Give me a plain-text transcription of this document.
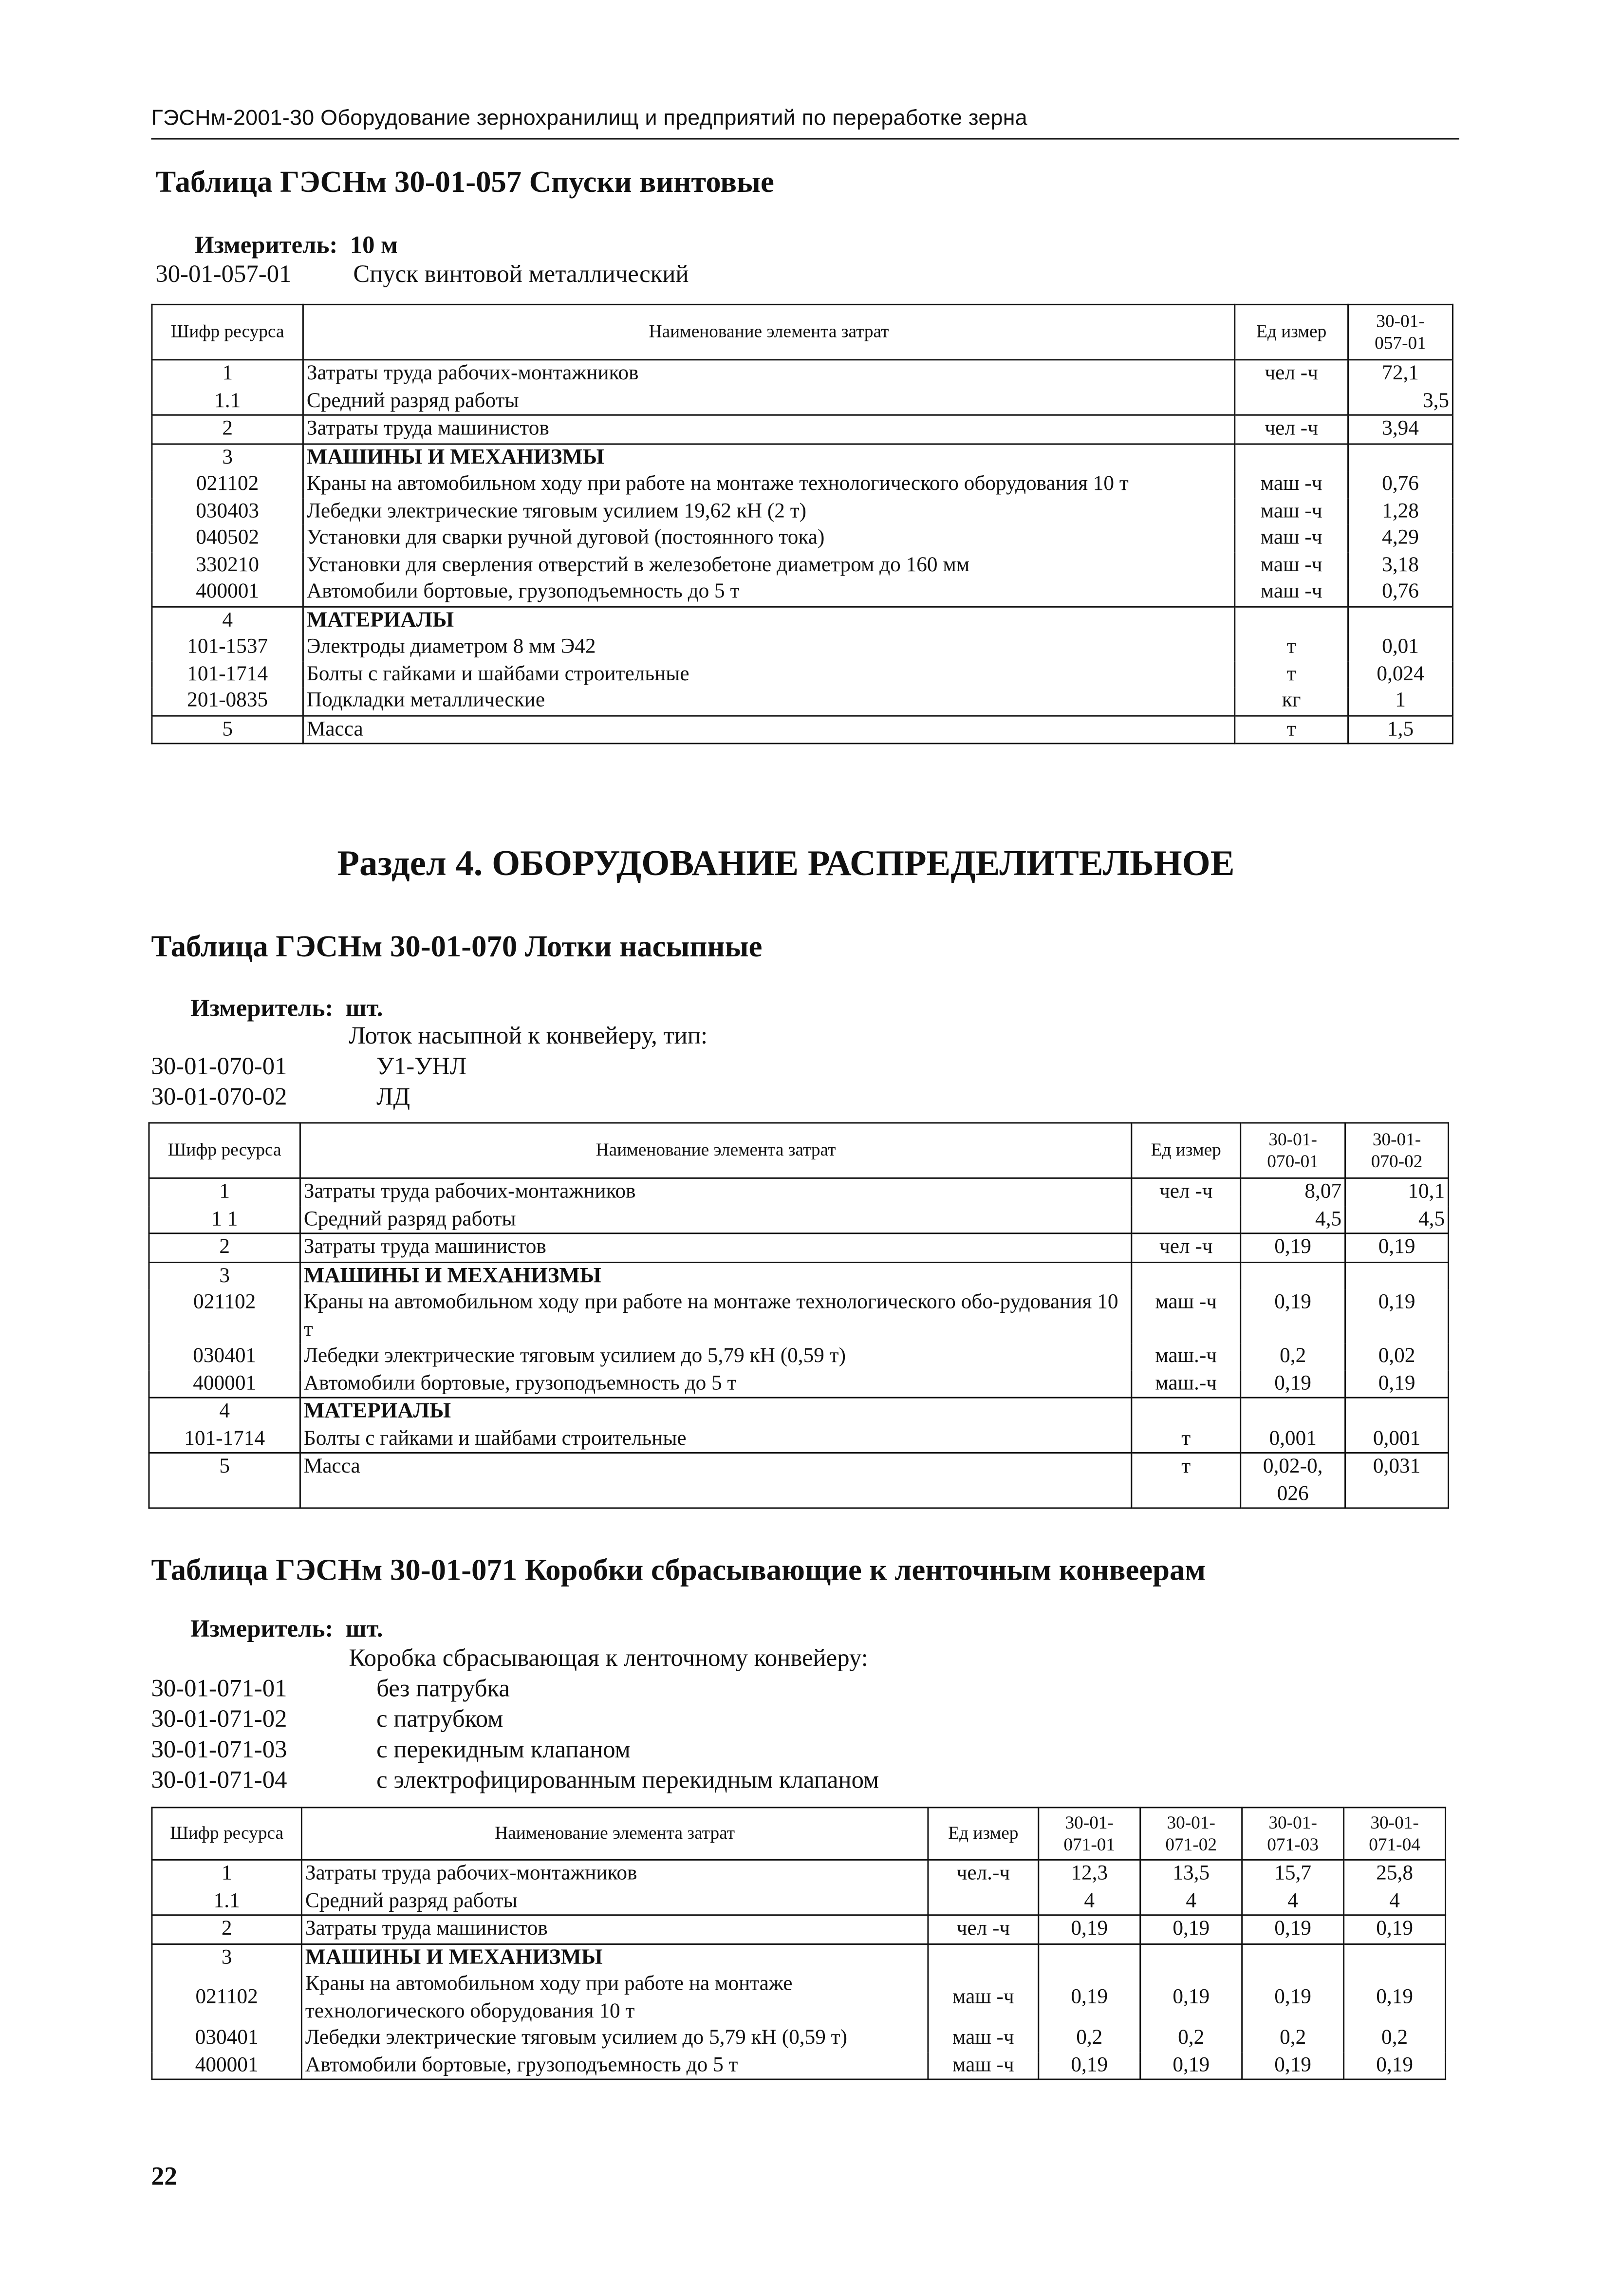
ГЭСНм-2001-30 Оборудование зернохранилищ и предприятий по переработке зерна
Таблица ГЭСНм 30-01-057 Спуски винтовые
Измеритель: 10 м
30-01-057-01	Спуск винтовой металлический
Шифр ресурса	Наименование элемента затрат	Ед измер	30-01-
057-01
1	Затраты труда рабочих-монтажников	чел -ч	72,1
1.1	Средний разряд работы		3,5
2	Затраты труда машинистов	чел -ч	3,94
3	МАШИНЫ И МЕХАНИЗМЫ		
021102	Краны на автомобильном ходу при работе на монтаже технологического оборудования 10 т	маш -ч	0,76
030403	Лебедки электрические тяговым усилием 19,62 кН (2 т)	маш -ч	1,28
040502	Установки для сварки ручной дуговой (постоянного тока)	маш -ч	4,29
330210	Установки для сверления отверстий в железобетоне диаметром до 160 мм	маш -ч	3,18
400001	Автомобили бортовые, грузоподъемность до 5 т	маш -ч	0,76
4	МАТЕРИАЛЫ		
101-1537	Электроды диаметром 8 мм Э42	т	0,01
101-1714	Болты с гайками и шайбами строительные	т	0,024
201-0835	Подкладки металлические	кг	1
5	Масса	т	1,5
Раздел 4. ОБОРУДОВАНИЕ РАСПРЕДЕЛИТЕЛЬНОЕ
Таблица ГЭСНм 30-01-070 Лотки насыпные
Измеритель: шт.
Лоток насыпной к конвейеру, тип:
30-01-070-01	У1-УНЛ
30-01-070-02	ЛД
Шифр ресурса	Наименование элемента затрат	Ед измер	30-01-
070-01	30-01-
070-02
1	Затраты труда рабочих-монтажников	чел -ч	8,07	10,1
1 1	Средний разряд работы		4,5	4,5
2	Затраты труда машинистов	чел -ч	0,19	0,19
3	МАШИНЫ И МЕХАНИЗМЫ			
021102	Краны на автомобильном ходу при работе на монтаже технологического обо-рудования 10 т	маш -ч	0,19	0,19
030401	Лебедки электрические тяговым усилием до 5,79 кН (0,59 т)	маш.-ч	0,2	0,02
400001	Автомобили бортовые, грузоподъемность до 5 т	маш.-ч	0,19	0,19
4	МАТЕРИАЛЫ			
101-1714	Болты с гайками и шайбами строительные	т	0,001	0,001
5	Масса	т	0,02-0,026	0,031
Таблица ГЭСНм 30-01-071 Коробки сбрасывающие к ленточным конвеерам
Измеритель: шт.
Коробка сбрасывающая к ленточному конвейеру:
30-01-071-01	без патрубка
30-01-071-02	с патрубком
30-01-071-03	с перекидным клапаном
30-01-071-04	с электрофицированным перекидным клапаном
Шифр ресурса	Наименование элемента затрат	Ед измер	30-01-
071-01	30-01-
071-02	30-01-
071-03	30-01-
071-04
1	Затраты труда рабочих-монтажников	чел.-ч	12,3	13,5	15,7	25,8
1.1	Средний разряд работы		4	4	4	4
2	Затраты труда машинистов	чел -ч	0,19	0,19	0,19	0,19
3	МАШИНЫ И МЕХАНИЗМЫ					
021102	Краны на автомобильном ходу при работе на монтаже технологического оборудования 10 т	маш -ч	0,19	0,19	0,19	0,19
030401	Лебедки электрические тяговым усилием до 5,79 кН (0,59 т)	маш -ч	0,2	0,2	0,2	0,2
400001	Автомобили бортовые, грузоподъемность до 5 т	маш -ч	0,19	0,19	0,19	0,19
22
